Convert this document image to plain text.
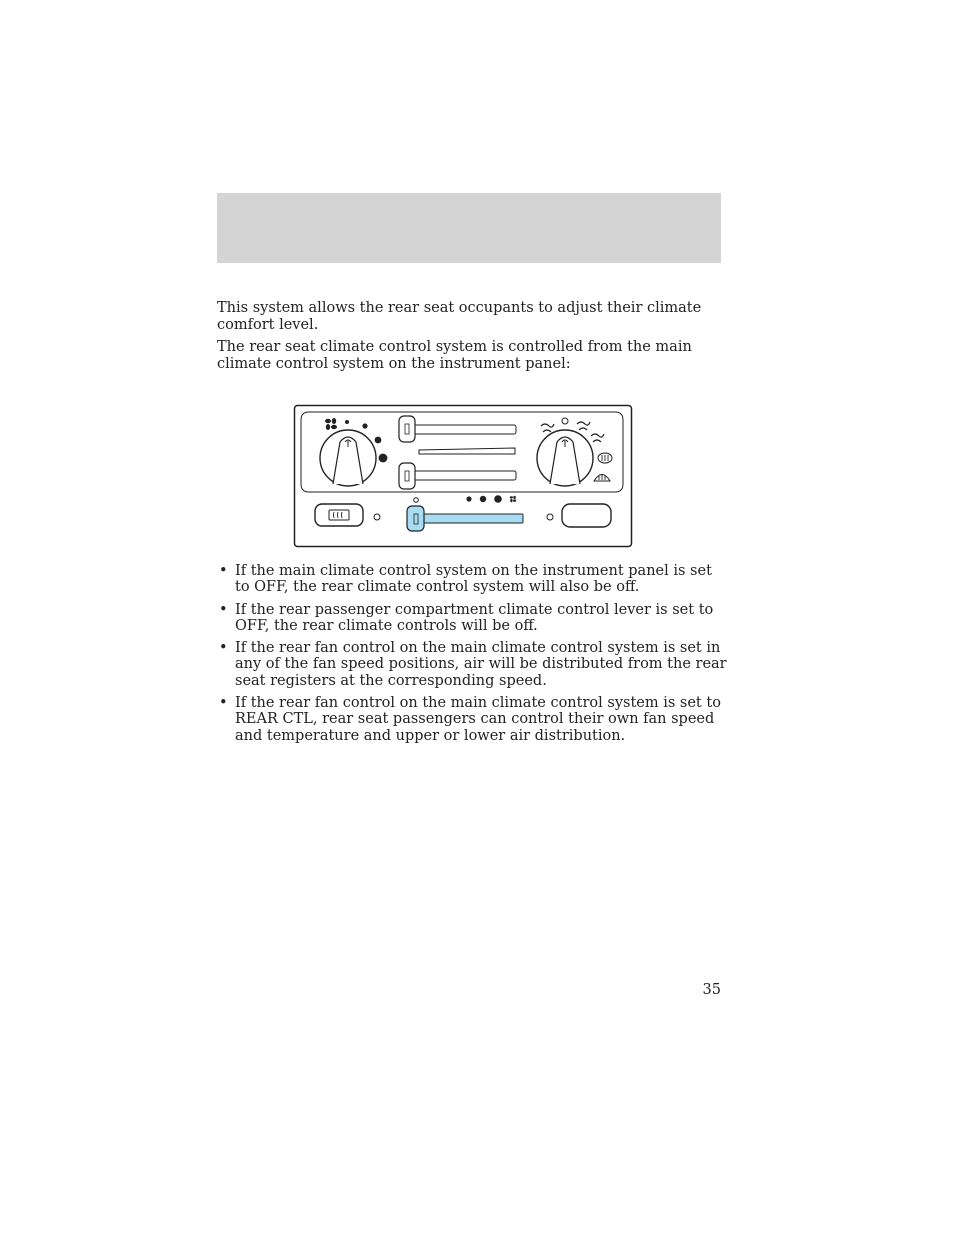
This system allows the rear seat occupants to adjust their climate comfort level.

The rear seat climate control system is controlled from the main climate control system on the instrument panel:

• If the main climate control system on the instrument panel is set to OFF, the rear climate control system will also be off.
• If the rear passenger compartment climate control lever is set to OFF, the rear climate controls will be off.
• If the rear fan control on the main climate control system is set in any of the fan speed positions, air will be distributed from the rear seat registers at the corresponding speed.
• If the rear fan control on the main climate control system is set to REAR CTL, rear seat passengers can control their own fan speed and temperature and upper or lower air distribution.
35
